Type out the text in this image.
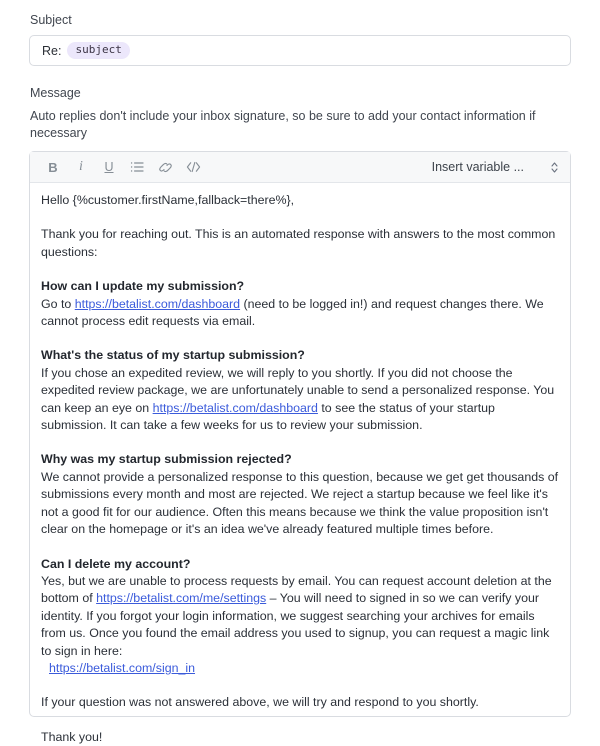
Subject
Re:	subject
Message
Auto replies don't include your inbox signature, so be sure to add your contact information if necessary
B	i	U	Insert variable ...

Hello {%customer.firstName,fallback=there%},

Thank you for reaching out. This is an automated response with answers to the most common questions:

How can I update my submission?
Go to https://betalist.com/dashboard (need to be logged in!) and request changes there. We cannot process edit requests via email.
What's the status of my startup submission?
If you chose an expedited review, we will reply to you shortly. If you did not choose the expedited review package, we are unfortunately unable to send a personalized response. You can keep an eye on https://betalist.com/dashboard to see the status of your startup submission. It can take a few weeks for us to review your submission.
Why was my startup submission rejected?
We cannot provide a personalized response to this question, because we get get thousands of submissions every month and most are rejected. We reject a startup because we feel like it's not a good fit for our audience. Often this means because we think the value proposition isn't clear on the homepage or it's an idea we've already featured multiple times before.
Can I delete my account?
Yes, but we are unable to process requests by email. You can request account deletion at the bottom of https://betalist.com/me/settings – You will need to signed in so we can verify your identity. If you forgot your login information, we suggest searching your archives for emails from us. Once you found the email address you used to signup, you can request a magic link to sign in here:
https://betalist.com/sign_in

If your question was not answered above, we will try and respond to you shortly.

Thank you!
